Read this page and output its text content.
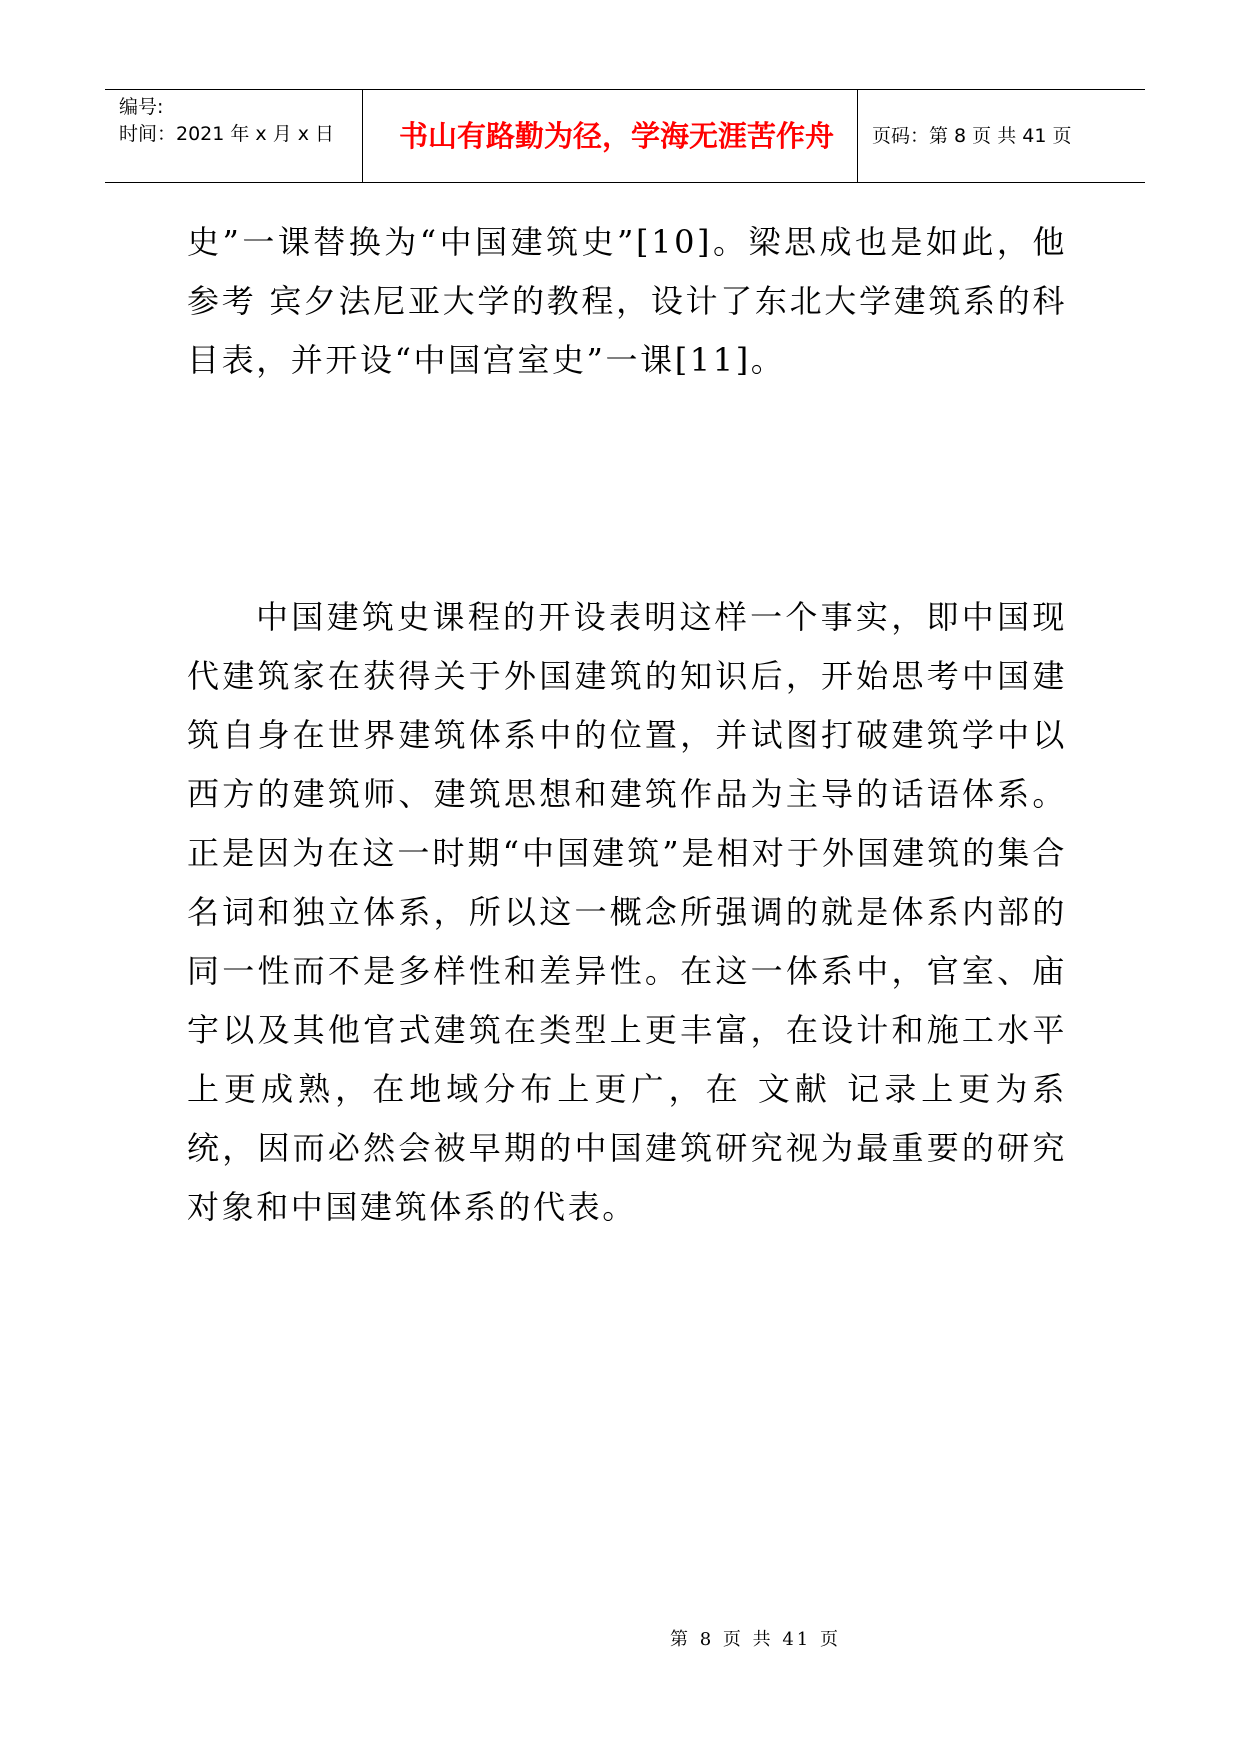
编号:
时间：2021 年 x 月 x 日	书山有路勤为径，学海无涯苦作舟	页码：第 8 页 共 41 页

史”一课替换为“中国建筑史”[10]。梁思成也是如此，他参考 宾夕法尼亚大学的教程，设计了东北大学建筑系的科目表，并开设“中国宫室史”一课[11]。

中国建筑史课程的开设表明这样一个事实，即中国现代建筑家在获得关于外国建筑的知识后，开始思考中国建筑自身在世界建筑体系中的位置，并试图打破建筑学中以西方的建筑师、建筑思想和建筑作品为主导的话语体系。正是因为在这一时期“中国建筑”是相对于外国建筑的集合名词和独立体系，所以这一概念所强调的就是体系内部的同一性而不是多样性和差异性。在这一体系中，官室、庙宇以及其他官式建筑在类型上更丰富，在设计和施工水平上更成熟，在地域分布上更广，在 文献 记录上更为系统，因而必然会被早期的中国建筑研究视为最重要的研究对象和中国建筑体系的代表。

第 8 页 共 41 页
